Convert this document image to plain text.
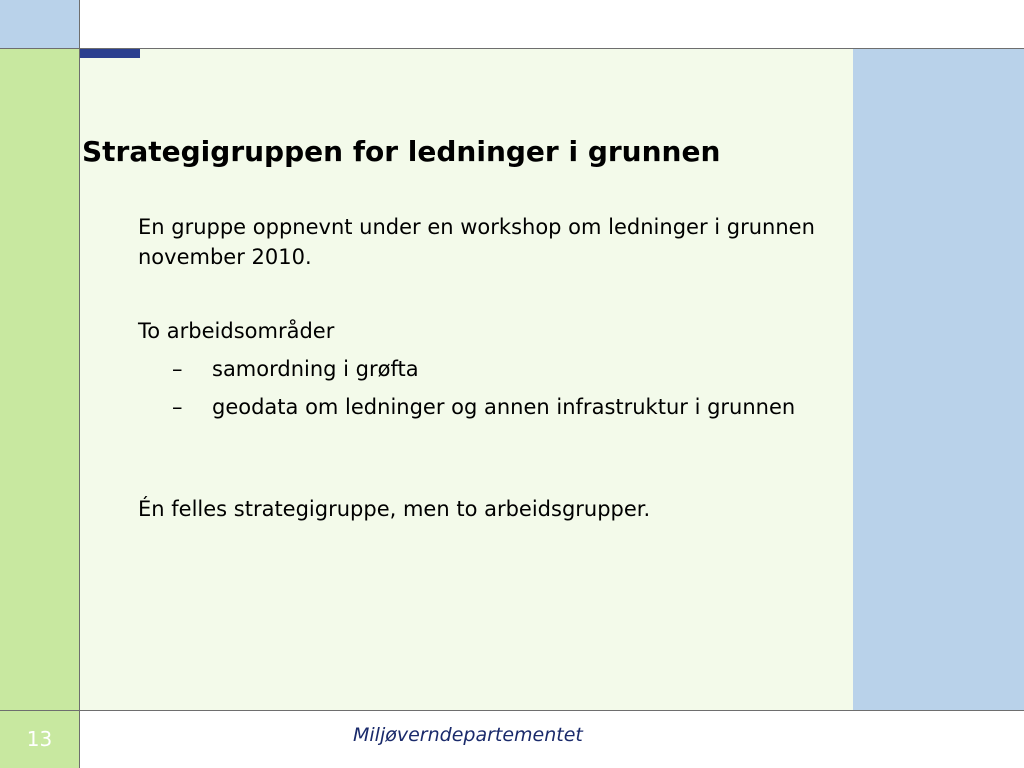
Strategigruppen for ledninger i grunnen
En gruppe oppnevnt under en workshop om ledninger i grunnen november 2010.
To arbeidsområder
– samordning i grøfta
– geodata om ledninger og annen infrastruktur i grunnen
Én felles strategigruppe, men to arbeidsgrupper.
13	Miljøverndepartementet
